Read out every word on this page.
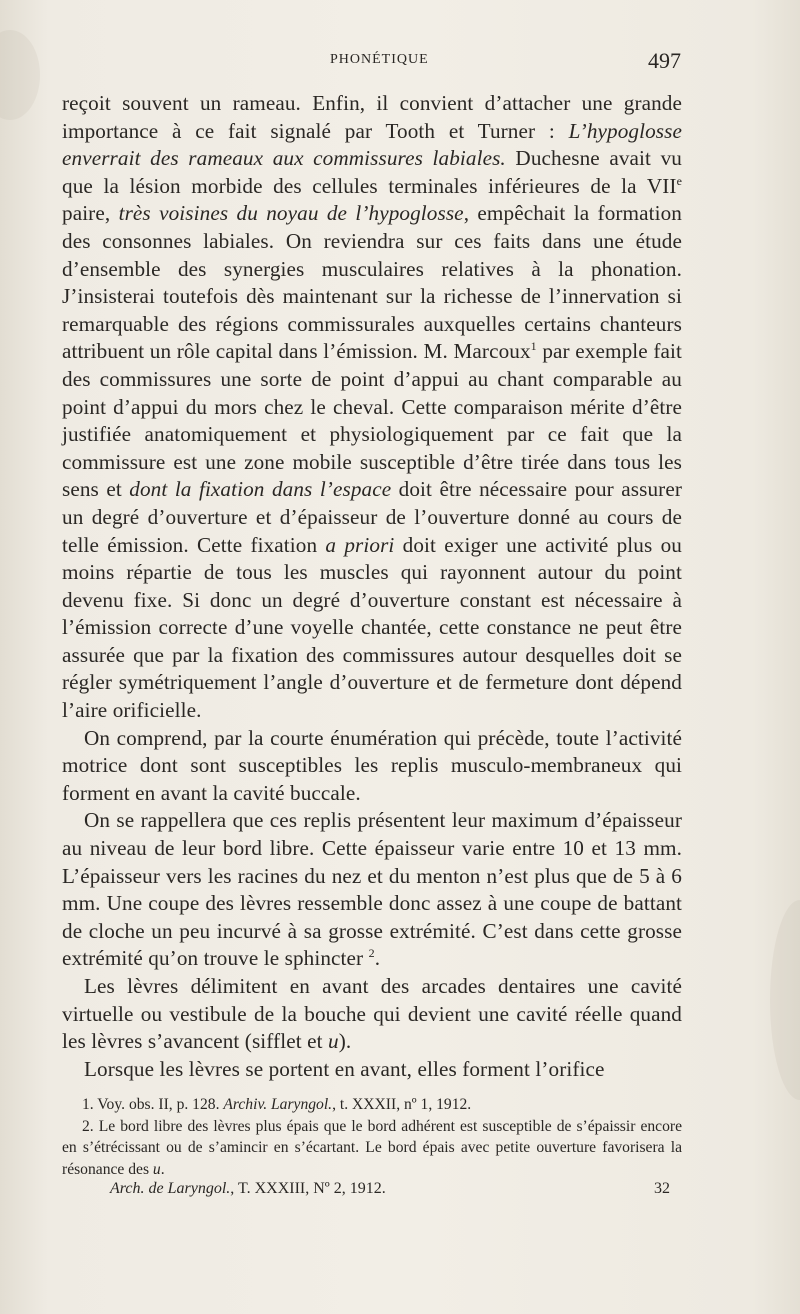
PHONÉTIQUE	497

reçoit souvent un rameau. Enfin, il convient d’attacher une grande importance à ce fait signalé par Tooth et Turner : L’hypoglosse enverrait des rameaux aux commissures labiales. Duchesne avait vu que la lésion morbide des cellules terminales inférieures de la VIIe paire, très voisines du noyau de l’hypoglosse, empêchait la formation des consonnes labiales. On reviendra sur ces faits dans une étude d’ensemble des synergies musculaires relatives à la phonation. J’insisterai toutefois dès maintenant sur la richesse de l’innervation si remarquable des régions commissurales auxquelles certains chanteurs attribuent un rôle capital dans l’émission. M. Marcoux$^1$ par exemple fait des commissures une sorte de point d’appui au chant comparable au point d’appui du mors chez le cheval. Cette comparaison mérite d’être justifiée anatomiquement et physiologiquement par ce fait que la commissure est une zone mobile susceptible d’être tirée dans tous les sens et dont la fixation dans l’espace doit être nécessaire pour assurer un degré d’ouverture et d’épaisseur de l’ouverture donné au cours de telle émission. Cette fixation a priori doit exiger une activité plus ou moins répartie de tous les muscles qui rayonnent autour du point devenu fixe. Si donc un degré d’ouverture constant est nécessaire à l’émission correcte d’une voyelle chantée, cette constance ne peut être assurée que par la fixation des commissures autour desquelles doit se régler symétriquement l’angle d’ouverture et de fermeture dont dépend l’aire orificielle.

On comprend, par la courte énumération qui précède, toute l’activité motrice dont sont susceptibles les replis musculo-membraneux qui forment en avant la cavité buccale.

On se rappellera que ces replis présentent leur maximum d’épaisseur au niveau de leur bord libre. Cette épaisseur varie entre 10 et 13 mm. L’épaisseur vers les racines du nez et du menton n’est plus que de 5 à 6 mm. Une coupe des lèvres ressemble donc assez à une coupe de battant de cloche un peu incurvé à sa grosse extrémité. C’est dans cette grosse extrémité qu’on trouve le sphincter $^2$.

Les lèvres délimitent en avant des arcades dentaires une cavité virtuelle ou vestibule de la bouche qui devient une cavité réelle quand les lèvres s’avancent (sifflet et u).

Lorsque les lèvres se portent en avant, elles forment l’orifice

1. Voy. obs. II, p. 128. Archiv. Laryngol., t. XXXII, nº 1, 1912.

2. Le bord libre des lèvres plus épais que le bord adhérent est susceptible de s’épaissir encore en s’étrécissant ou de s’amincir en s’écartant. Le bord épais avec petite ouverture favorisera la résonance des u.

Arch. de Laryngol., T. XXXIII, Nº 2, 1912.	32
